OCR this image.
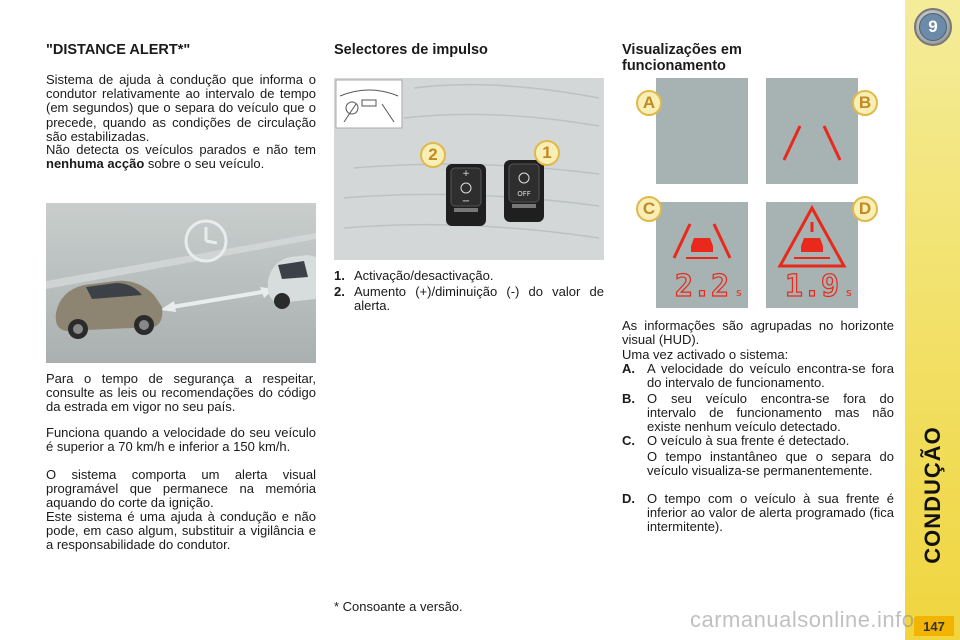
9
CONDUÇÃO
147
"DISTANCE ALERT*"
Sistema de ajuda à condução que informa o condutor relativamente ao intervalo de tempo (em segundos) que o separa do veículo que o precede, quando as condições de circulação são estabilizadas.
Não detecta os veículos parados e não tem nenhuma acção sobre o seu veículo.
Para o tempo de segurança a respeitar, consulte as leis ou recomendações do código da estrada em vigor no seu país.
Funciona quando a velocidade do seu veículo é superior a 70 km/h e inferior a 150 km/h.
O sistema comporta um alerta visual programável que permanece na memória aquando do corte da ignição.
Este sistema é uma ajuda à condução e não pode, em caso algum, substituir a vigilância e a responsabilidade do condutor.
Selectores de impulso
+
−
OFF
2	1
1. Activação/desactivação.
2. Aumento (+)/diminuição (-) do valor de alerta.
* Consoante a versão.
Visualizações em funcionamento
A	B
2.2 s
C
1.9 s
D
As informações são agrupadas no horizonte visual (HUD).
Uma vez activado o sistema:
A. A velocidade do veículo encontra-se fora do intervalo de funcionamento.
B. O seu veículo encontra-se fora do intervalo de funcionamento mas não existe nenhum veículo detectado.
C. O veículo à sua frente é detectado.
O tempo instantâneo que o separa do veículo visualiza-se permanentemente.
D. O tempo com o veículo à sua frente é inferior ao valor de alerta programado (fica intermitente).
carmanualsonline.info
